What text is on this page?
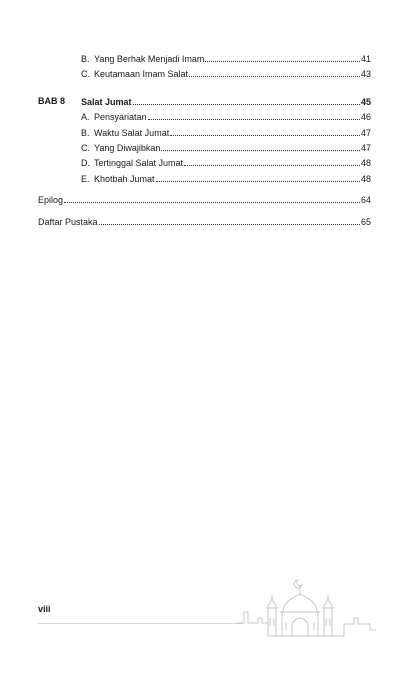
B. Yang Berhak Menjadi Imam	41
C. Keutamaan Imam Salat	43
BAB 8 Salat Jumat	45
A. Pensyariatan	46
B. Waktu Salat Jumat	47
C. Yang Diwajibkan	47
D. Tertinggal Salat Jumat	48
E. Khotbah Jumat	48
Epilog	64
Daftar Pustaka	65
viii
